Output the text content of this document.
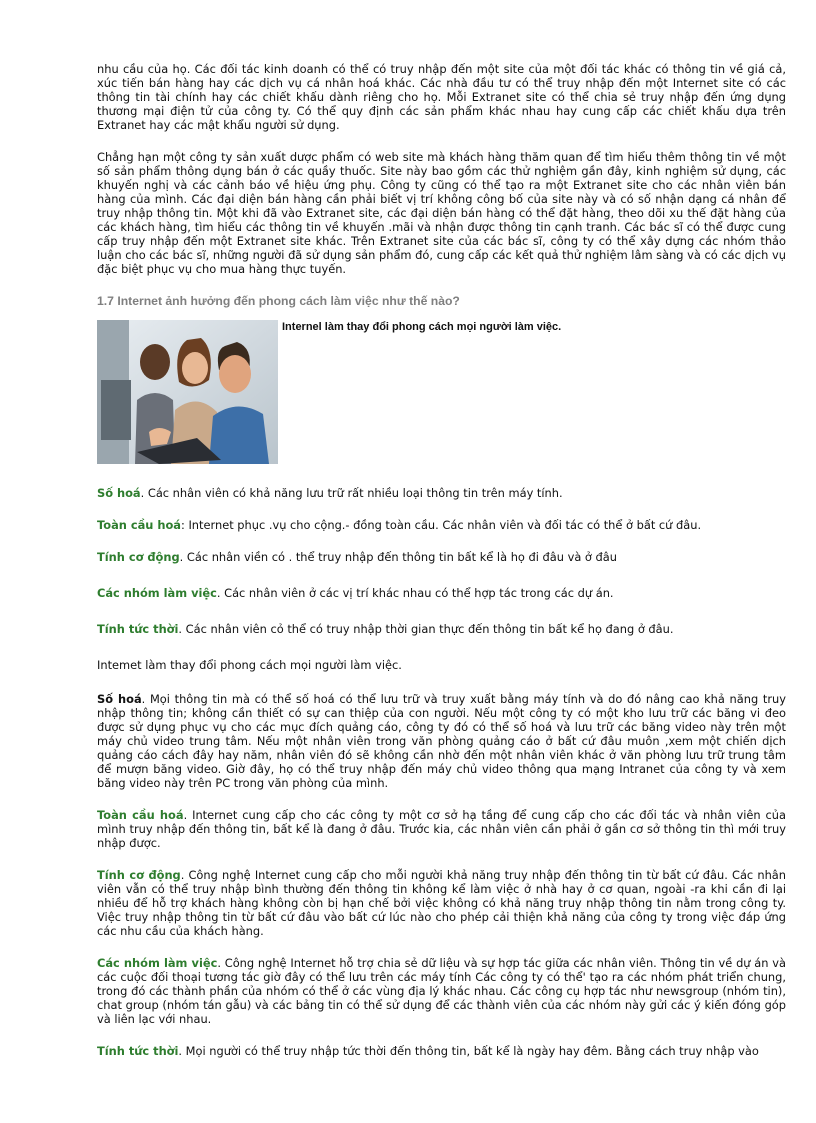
nhu cầu của họ. Các đối tác kinh doanh có thể có truy nhập đến một site của một đối tác khác có thông tin về giá cả, xúc tiến bán hàng hay các dịch vụ cá nhân hoá khác. Các nhà đầu tư có thể truy nhập đến một Internet site có các thông tin tài chính hay các chiết khấu dành riêng cho họ. Mỗi Extranet site có thể chia sẻ truy nhập đến ứng dụng thương mại điện tử của công ty. Có thể quy định các sản phẩm khác nhau hay cung cấp các chiết khấu dựa trên Extranet hay các mật khẩu người sử dụng.

Chẳng hạn một công ty sản xuất dược phẩm có web site mà khách hàng thăm quan để tìm hiểu thêm thông tin về một số sản phẩm thông dụng bán ở các quầy thuốc. Site này bao gồm các thử nghiệm gần đây, kinh nghiệm sử dụng, các khuyến nghị và các cảnh báo về hiệu ứng phụ. Công ty cũng có thể tạo ra một Extranet site cho các nhân viên bán hàng của mình. Các đại diện bán hàng cần phải biết vị trí không công bố của site này và có số nhận dạng cá nhân để truy nhập thông tin. Một khi đã vào Extranet site, các đại diện bán hàng có thể đặt hàng, theo dõi xu thế đặt hàng của các khách hàng, tìm hiểu các thông tin về khuyến .mãi và nhận được thông tin cạnh tranh. Các bác sĩ có thể được cung cấp truy nhập đến một Extranet site khác. Trên Extranet site của các bác sĩ, công ty có thể xây dựng các nhóm thảo luận cho các bác sĩ, những người đã sử dụng sản phẩm đó, cung cấp các kết quả thử nghiệm lâm sàng và có các dịch vụ đặc biệt phục vụ cho mua hàng thực tuyến.

1.7 Internet ảnh hưởng đến phong cách làm việc như thế nào?
Internel làm thay đổi phong cách mọi người làm việc.

Số hoá. Các nhân viên có khả năng lưu trữ rất nhiều loại thông tin trên máy tính.

Toàn cầu hoá: Internet phục .vụ cho cộng.- đồng toàn cầu. Các nhân viên và đối tác có thể ở bất cứ đâu.

Tính cơ động. Các nhân viền có . thể truy nhập đến thông tin bất kể là họ đi đâu và ở đâu

Các nhóm làm việc. Các nhân viên ở các vị trí khác nhau có thể hợp tác trong các dự án.

Tính tức thời. Các nhân viên cỏ thể có truy nhập thời gian thực đến thông tin bất kể họ đang ở đâu.

Intemet làm thay đổi phong cách mọi người làm việc.

Số hoá. Mọi thông tin mà có thể số hoá có thể lưu trữ và truy xuất bằng máy tính và do đó nâng cao khả năng truy nhập thông tin; không cần thiết có sự can thiệp của con người. Nếu một công ty có một kho lưu trữ các băng vi đeo được sử dụng phục vụ cho các mục đích quảng cáo, công ty đó có thể số hoá và lưu trữ các băng video này trên một máy chủ video trung tâm. Nếu một nhân viên trong văn phòng quảng cáo ở bất cứ đâu muôn ,xem một chiến dịch quảng cáo cách đây hay năm, nhân viên đó sẽ không cần nhờ đến một nhân viên khác ở văn phòng lưu trữ trung tâm để mượn băng video. Giờ đây, họ có thể truy nhập đến máy chủ video thông qua mạng Intranet của công ty và xem băng video này trên PC trong văn phòng của mình.

Toàn cầu hoá. Internet cung cấp cho các công ty một cơ sở hạ tầng để cung cấp cho các đối tác và nhân viên của mình truy nhập đến thông tin, bất kể là đang ở đâu. Trước kia, các nhân viên cần phải ở gần cơ sở thông tin thì mới truy nhập được.

Tính cơ động. Công nghệ Internet cung cấp cho mỗi người khả năng truy nhập đến thông tin từ bất cứ đâu. Các nhân viên vẫn có thể truy nhập bình thường đến thông tin không kể làm việc ở nhà hay ở cơ quan, ngoài -ra khi cần đi lại nhiều để hỗ trợ khách hàng không còn bị hạn chế bởi việc không có khả năng truy nhập thông tin nằm trong công ty. Việc truy nhập thông tin từ bất cứ đâu vào bất cứ lúc nào cho phép cải thiện khả năng của công ty trong việc đáp ứng các nhu cầu của khách hàng.

Các nhóm làm việc. Công nghệ Internet hỗ trợ chia sẻ dữ liệu và sự hợp tác giữa các nhân viên. Thông tin về dự án và các cuộc đối thoại tương tác giờ đây có thể lưu trên các máy tính Các công ty có thể' tạo ra các nhóm phát triển chung, trong đó các thành phần của nhóm có thể ở các vùng địa lý khác nhau. Các công cụ hợp tác như newsgroup (nhóm tin), chat group (nhóm tán gẫu) và các bảng tin có thể sử dụng để các thành viên của các nhóm này gửi các ý kiến đóng góp và liên lạc với nhau.

Tính tức thời. Mọi người có thể truy nhập tức thời đến thông tin, bất kể là ngày hay đêm. Bằng cách truy nhập vào
